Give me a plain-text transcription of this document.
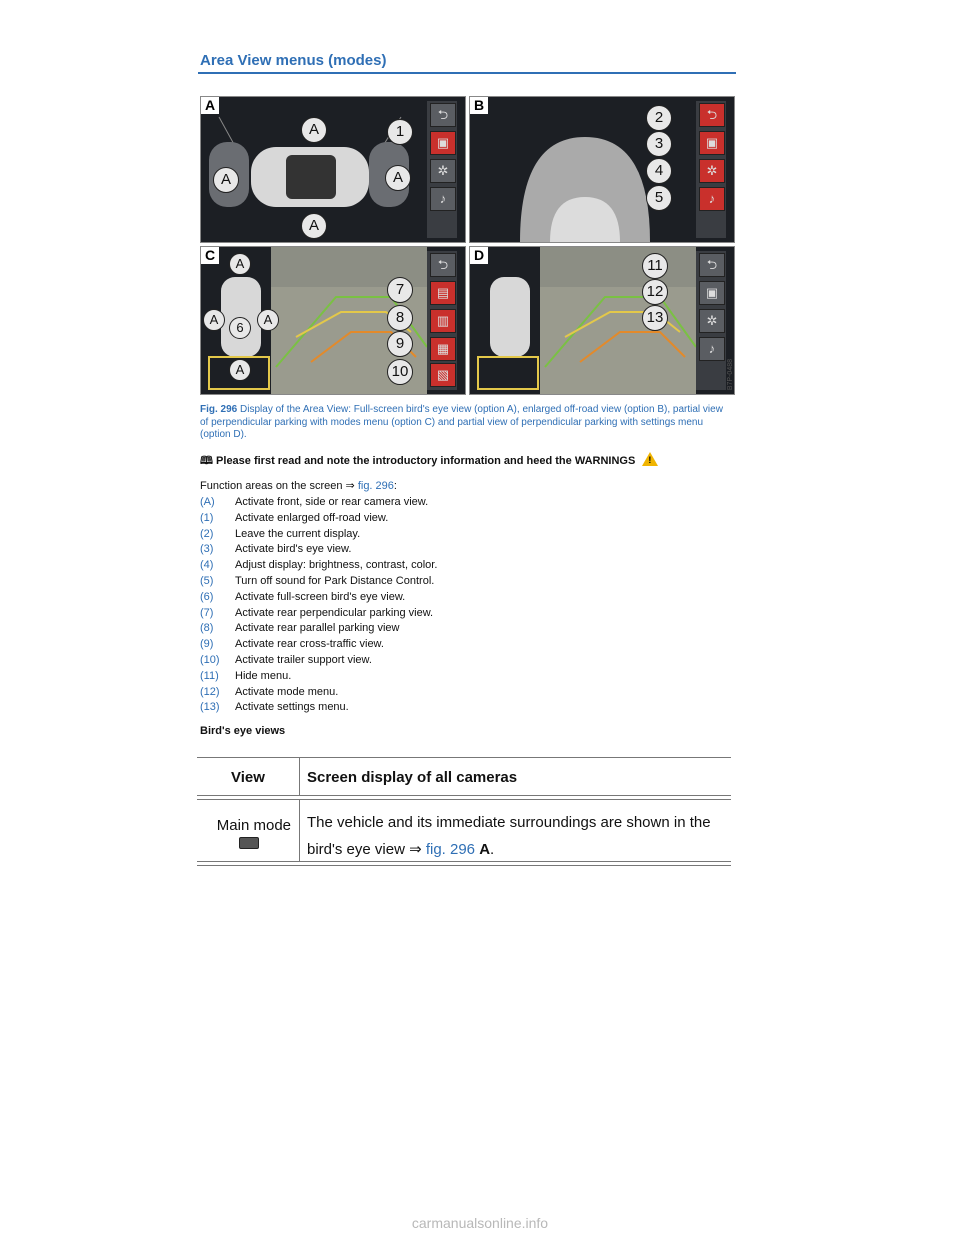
Area View menus (modes)
A
A
A	A
A
1
⮌
▣
✲
♪
B
2
3
4
5
⮌
▣
✲
♪
C
A
A
6
A
A
7
8
9
10
⮌
▤
▥
▦
▧
D
11
12
13
⮌
▣
✲
♪
B7P-0488
Fig. 296 Display of the Area View: Full-screen bird's eye view (option A), enlarged off-road view (option B), partial view of perpendicular parking with modes menu (option C) and partial view of perpendicular parking with settings menu (option D).
🕮 Please first read and note the introductory information and heed the WARNINGS !
Function areas on the screen ⇒ fig. 296:
(A) Activate front, side or rear camera view.
(1) Activate enlarged off-road view.
(2) Leave the current display.
(3) Activate bird's eye view.
(4) Adjust display: brightness, contrast, color.
(5) Turn off sound for Park Distance Control.
(6) Activate full-screen bird's eye view.
(7) Activate rear perpendicular parking view.
(8) Activate rear parallel parking view
(9) Activate rear cross-traffic view.
(10) Activate trailer support view.
(11) Hide menu.
(12) Activate mode menu.
(13) Activate settings menu.
Bird's eye views
View	Screen display of all cameras
Main mode The vehicle and its immediate surroundings are shown in the bird's eye view ⇒ fig. 296 A.
carmanualsonline.info
